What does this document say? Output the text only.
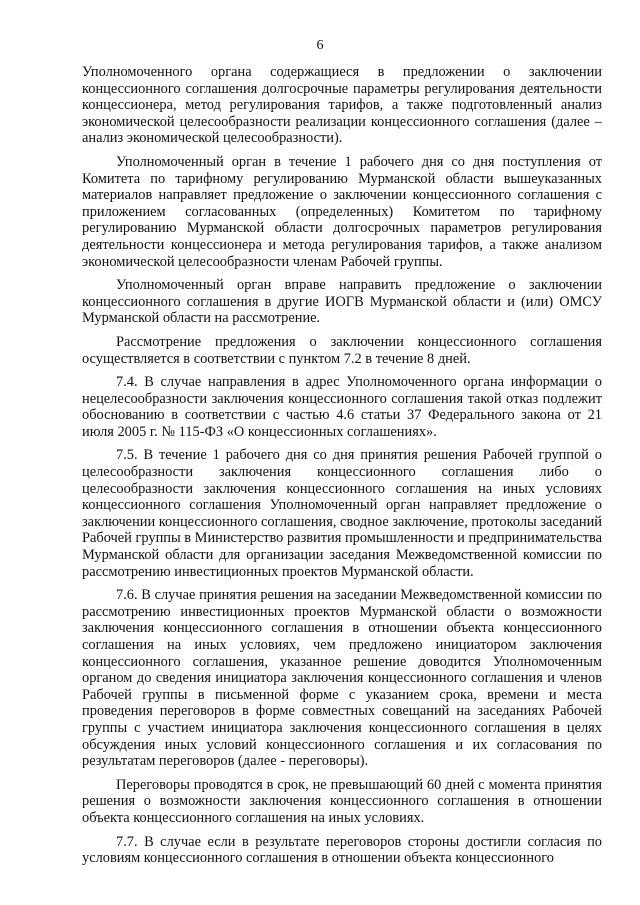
6

Уполномоченного органа содержащиеся в предложении о заключении концессионного соглашения долгосрочные параметры регулирования деятельности концессионера, метод регулирования тарифов, а также подготовленный анализ экономической целесообразности реализации концессионного соглашения (далее – анализ экономической целесообразности).

Уполномоченный орган в течение 1 рабочего дня со дня поступления от Комитета по тарифному регулированию Мурманской области вышеуказанных материалов направляет предложение о заключении концессионного соглашения с приложением согласованных (определенных) Комитетом по тарифному регулированию Мурманской области долгосрочных параметров регулирования деятельности концессионера и метода регулирования тарифов, а также анализом экономической целесообразности членам Рабочей группы.

Уполномоченный орган вправе направить предложение о заключении концессионного соглашения в другие ИОГВ Мурманской области и (или) ОМСУ Мурманской области на рассмотрение.

Рассмотрение предложения о заключении концессионного соглашения осуществляется в соответствии с пунктом 7.2 в течение 8 дней.

7.4. В случае направления в адрес Уполномоченного органа информации о нецелесообразности заключения концессионного соглашения такой отказ подлежит обоснованию в соответствии с частью 4.6 статьи 37 Федерального закона от 21 июля 2005 г. № 115-ФЗ «О концессионных соглашениях».

7.5. В течение 1 рабочего дня со дня принятия решения Рабочей группой о целесообразности заключения концессионного соглашения либо о целесообразности заключения концессионного соглашения на иных условиях концессионного соглашения Уполномоченный орган направляет предложение о заключении концессионного соглашения, сводное заключение, протоколы заседаний Рабочей группы в Министерство развития промышленности и предпринимательства Мурманской области для организации заседания Межведомственной комиссии по рассмотрению инвестиционных проектов Мурманской области.

7.6. В случае принятия решения на заседании Межведомственной комиссии по рассмотрению инвестиционных проектов Мурманской области о возможности заключения концессионного соглашения в отношении объекта концессионного соглашения на иных условиях, чем предложено инициатором заключения концессионного соглашения, указанное решение доводится Уполномоченным органом до сведения инициатора заключения концессионного соглашения и членов Рабочей группы в письменной форме с указанием срока, времени и места проведения переговоров в форме совместных совещаний на заседаниях Рабочей группы с участием инициатора заключения концессионного соглашения в целях обсуждения иных условий концессионного соглашения и их согласования по результатам переговоров (далее - переговоры).

Переговоры проводятся в срок, не превышающий 60 дней с момента принятия решения о возможности заключения концессионного соглашения в отношении объекта концессионного соглашения на иных условиях.

7.7. В случае если в результате переговоров стороны достигли согласия по условиям концессионного соглашения в отношении объекта концессионного
